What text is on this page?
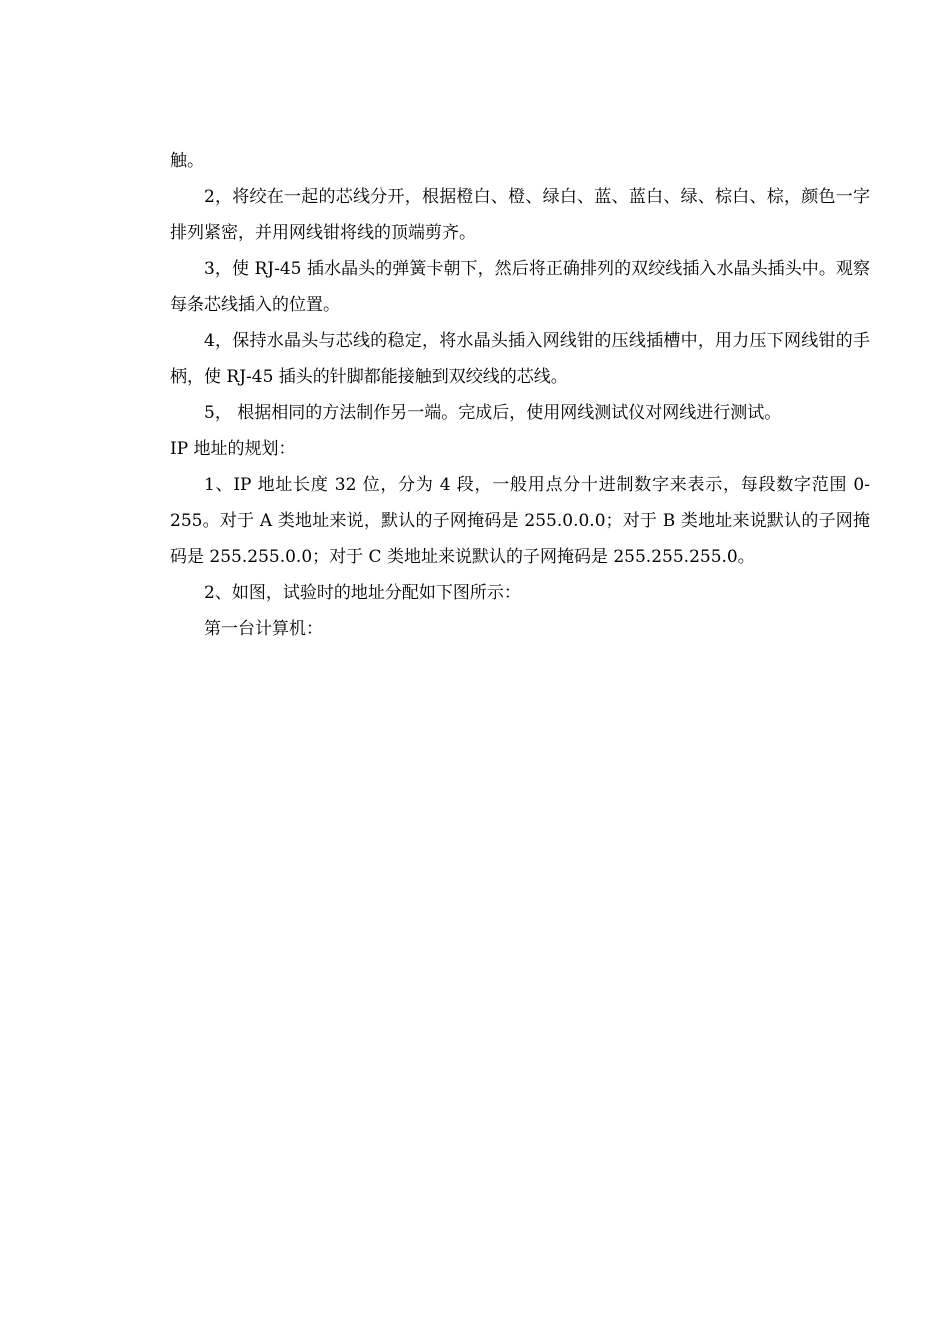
触。

2，将绞在一起的芯线分开，根据橙白、橙、绿白、蓝、蓝白、绿、棕白、棕，颜色一字排列紧密，并用网线钳将线的顶端剪齐。

3，使 RJ-45 插水晶头的弹簧卡朝下，然后将正确排列的双绞线插入水晶头插头中。观察每条芯线插入的位置。

4，保持水晶头与芯线的稳定，将水晶头插入网线钳的压线插槽中，用力压下网线钳的手柄，使 RJ-45 插头的针脚都能接触到双绞线的芯线。

5， 根据相同的方法制作另一端。完成后，使用网线测试仪对网线进行测试。

IP 地址的规划：

1、IP 地址长度 32 位，分为 4 段，一般用点分十进制数字来表示，每段数字范围 0-255。对于 A 类地址来说，默认的子网掩码是 255.0.0.0；对于 B 类地址来说默认的子网掩码是 255.255.0.0；对于 C 类地址来说默认的子网掩码是 255.255.255.0。

2、如图，试验时的地址分配如下图所示：

第一台计算机：
